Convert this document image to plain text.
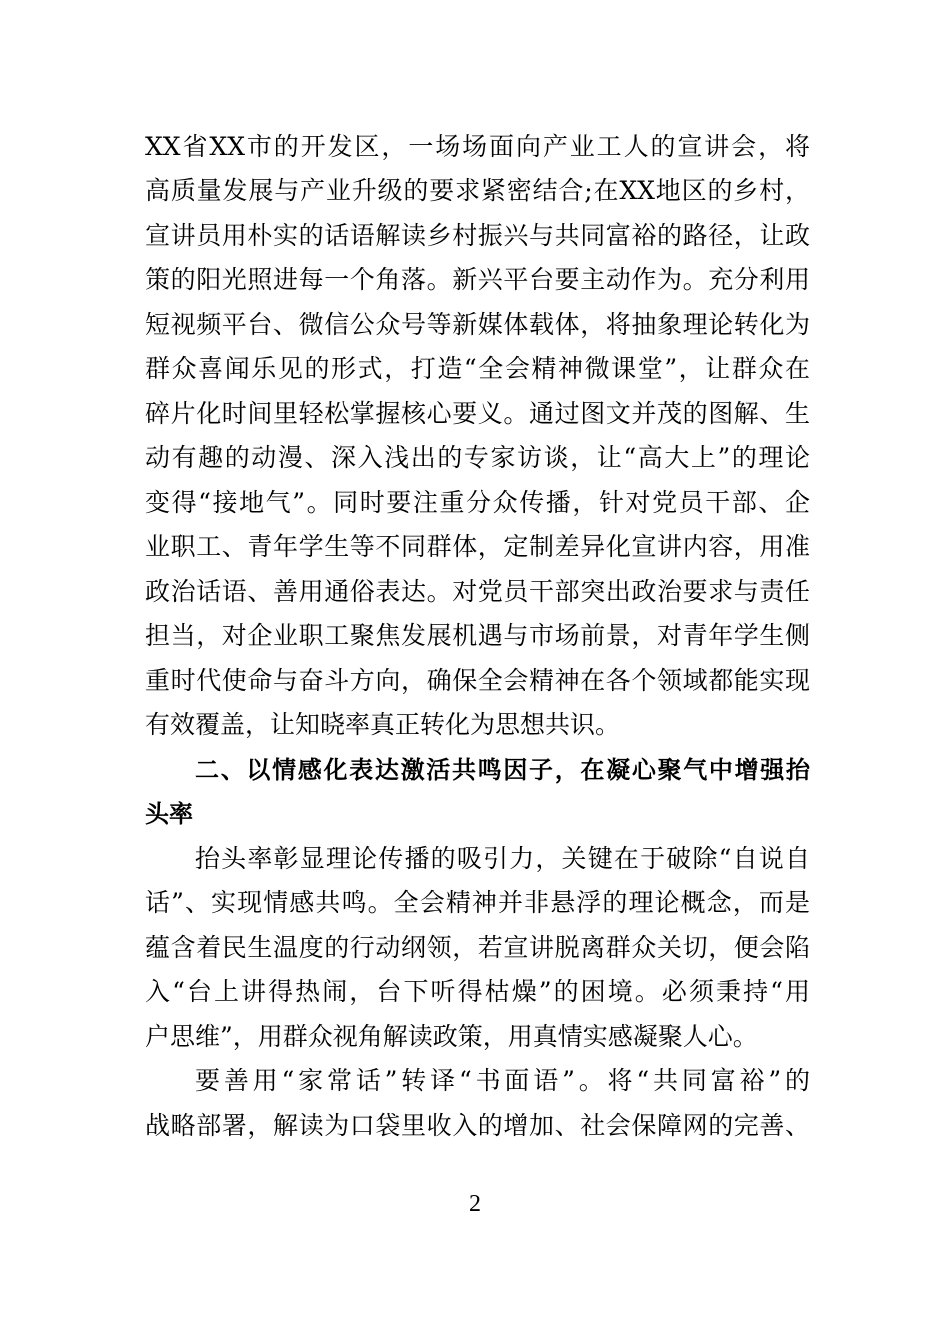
XX省XX市的开发区，一场场面向产业工人的宣讲会，将
高质量发展与产业升级的要求紧密结合;在XX地区的乡村，
宣讲员用朴实的话语解读乡村振兴与共同富裕的路径，让政
策的阳光照进每一个角落。新兴平台要主动作为。充分利用
短视频平台、微信公众号等新媒体载体，将抽象理论转化为
群众喜闻乐见的形式，打造“全会精神微课堂”，让群众在
碎片化时间里轻松掌握核心要义。通过图文并茂的图解、生
动有趣的动漫、深入浅出的专家访谈，让“高大上”的理论
变得“接地气”。同时要注重分众传播，针对党员干部、企
业职工、青年学生等不同群体，定制差异化宣讲内容，用准
政治话语、善用通俗表达。对党员干部突出政治要求与责任
担当，对企业职工聚焦发展机遇与市场前景，对青年学生侧
重时代使命与奋斗方向，确保全会精神在各个领域都能实现
有效覆盖，让知晓率真正转化为思想共识。
二、以情感化表达激活共鸣因子，在凝心聚气中增强抬
头率
抬头率彰显理论传播的吸引力，关键在于破除“自说自
话”、实现情感共鸣。全会精神并非悬浮的理论概念，而是
蕴含着民生温度的行动纲领，若宣讲脱离群众关切，便会陷
入“台上讲得热闹，台下听得枯燥”的困境。必须秉持“用
户思维”，用群众视角解读政策，用真情实感凝聚人心。
要善用“家常话”转译“书面语”。将“共同富裕”的
战略部署，解读为口袋里收入的增加、社会保障网的完善、
2
